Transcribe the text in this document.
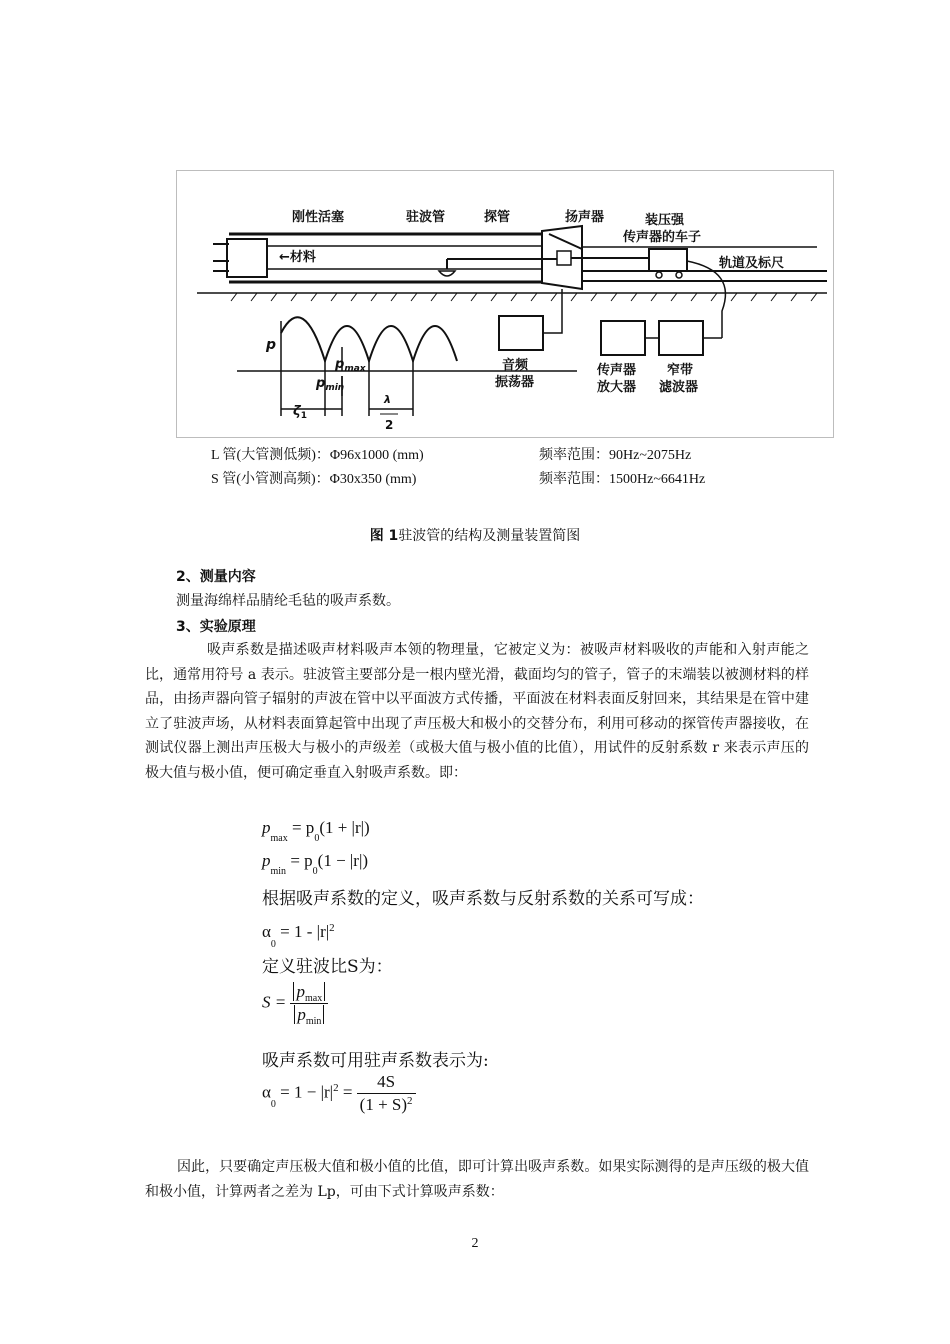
刚性活塞	驻波管	探管	扬声器	装压强
传声器的车子
轨道及标尺
←材料
音频
振荡器
传声器
放大器
窄带
滤波器
p
$p_{max}$
$p_{min}$
$\zeta_1$
λ
2
L 管(大管测低频)：Φ96x1000 (mm)	频率范围：90Hz~2075Hz
S 管(小管测高频)：Φ30x350 (mm)	频率范围：1500Hz~6641Hz
图 1驻波管的结构及测量装置简图
2、测量内容
测量海绵样品腈纶毛毡的吸声系数。
3、实验原理
吸声系数是描述吸声材料吸声本领的物理量，它被定义为：被吸声材料吸收的声能和入射声能之比，通常用符号 a 表示。驻波管主要部分是一根内壁光滑，截面均匀的管子，管子的末端装以被测材料的样品，由扬声器向管子辐射的声波在管中以平面波方式传播，平面波在材料表面反射回来，其结果是在管中建立了驻波声场，从材料表面算起管中出现了声压极大和极小的交替分布，利用可移动的探管传声器接收，在测试仪器上测出声压极大与极小的声级差（或极大值与极小值的比值），用试件的反射系数 r 来表示声压的极大值与极小值，便可确定垂直入射吸声系数。即：
$p_{max} = p_0(1 + |r|)$
$p_{min} = p_0(1 - |r|)$
根据吸声系数的定义，吸声系数与反射系数的关系可写成：
$\alpha_0 = 1 - |r|^2$
定义驻波比S为：
$S = \frac{p_{max}}{p_{min}}$
吸声系数可用驻声系数表示为:
$\alpha_0 = 1 - |r|^2 = \frac{4S}{(1 + S)^2}$
因此，只要确定声压极大值和极小值的比值，即可计算出吸声系数。如果实际测得的是声压级的极大值和极小值，计算两者之差为 Lp，可由下式计算吸声系数：
2
